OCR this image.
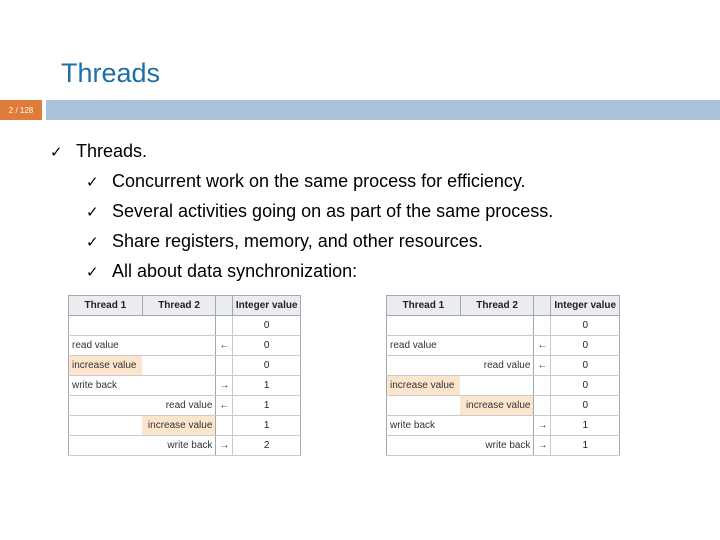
Threads
2 / 128
✓ Threads.
✓ Concurrent work on the same process for efficiency.
✓ Several activities going on as part of the same process.
✓ Share registers, memory, and other resources.
✓ All about data synchronization:
Thread 1	Thread 2		Integer value
			0
read value		←	0
increase value			0
write back		→	1
	read value	←	1
	increase value		1
	write back	→	2
Thread 1	Thread 2		Integer value
			0
read value		←	0
	read value	←	0
increase value			0
	increase value		0
write back		→	1
	write back	→	1
